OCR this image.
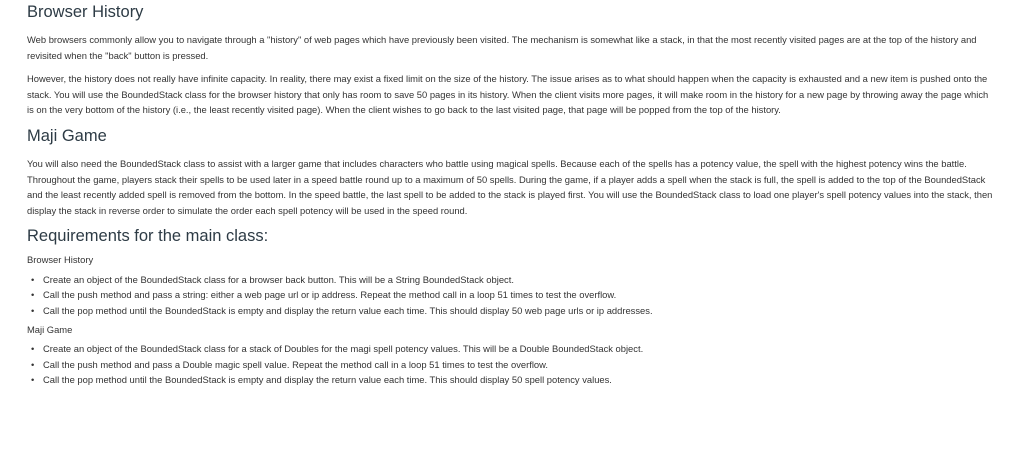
Browser History

Web browsers commonly allow you to navigate through a "history" of web pages which have previously been visited. The mechanism is somewhat like a stack, in that the most recently visited pages are at the top of the history and revisited when the "back" button is pressed.

However, the history does not really have infinite capacity. In reality, there may exist a fixed limit on the size of the history. The issue arises as to what should happen when the capacity is exhausted and a new item is pushed onto the stack. You will use the BoundedStack class for the browser history that only has room to save 50 pages in its history. When the client visits more pages, it will make room in the history for a new page by throwing away the page which is on the very bottom of the history (i.e., the least recently visited page). When the client wishes to go back to the last visited page, that page will be popped from the top of the history.

Maji Game

You will also need the BoundedStack class to assist with a larger game that includes characters who battle using magical spells. Because each of the spells has a potency value, the spell with the highest potency wins the battle. Throughout the game, players stack their spells to be used later in a speed battle round up to a maximum of 50 spells. During the game, if a player adds a spell when the stack is full, the spell is added to the top of the BoundedStack and the least recently added spell is removed from the bottom. In the speed battle, the last spell to be added to the stack is played first. You will use the BoundedStack class to load one player's spell potency values into the stack, then display the stack in reverse order to simulate the order each spell potency will be used in the speed round.

Requirements for the main class:

Browser History

• Create an object of the BoundedStack class for a browser back button. This will be a String BoundedStack object.
• Call the push method and pass a string: either a web page url or ip address. Repeat the method call in a loop 51 times to test the overflow.
• Call the pop method until the BoundedStack is empty and display the return value each time. This should display 50 web page urls or ip addresses.

Maji Game

• Create an object of the BoundedStack class for a stack of Doubles for the magi spell potency values. This will be a Double BoundedStack object.
• Call the push method and pass a Double magic spell value. Repeat the method call in a loop 51 times to test the overflow.
• Call the pop method until the BoundedStack is empty and display the return value each time. This should display 50 spell potency values.
